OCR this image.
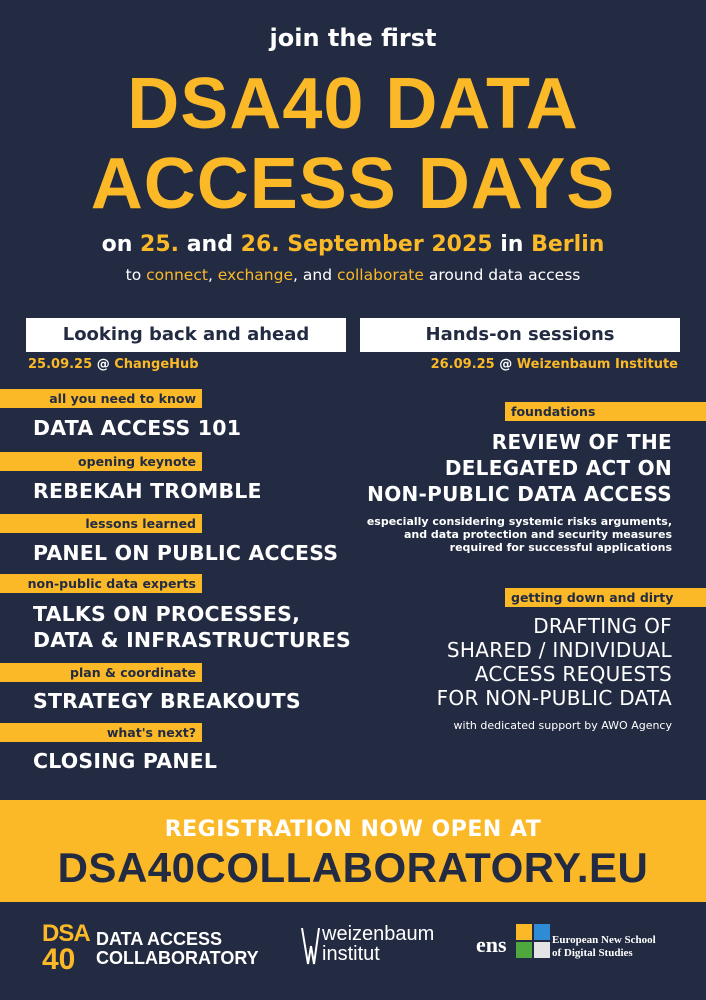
join the first
DSA40 DATA
ACCESS DAYS
on 25. and 26. September 2025 in Berlin
to connect, exchange, and collaborate around data access
Looking back and ahead	Hands-on sessions
25.09.25 @ ChangeHub	26.09.25 @ Weizenbaum Institute
all you need to know
DATA ACCESS 101
opening keynote
REBEKAH TROMBLE
lessons learned
PANEL ON PUBLIC ACCESS
non-public data experts
TALKS ON PROCESSES,
DATA & INFRASTRUCTURES
plan & coordinate
STRATEGY BREAKOUTS
what's next?
CLOSING PANEL
foundations
REVIEW OF THE
DELEGATED ACT ON
NON-PUBLIC DATA ACCESS
especially considering systemic risks arguments,
and data protection and security measures
required for successful applications
getting down and dirty
DRAFTING OF
SHARED / INDIVIDUAL
ACCESS REQUESTS
FOR NON-PUBLIC DATA
with dedicated support by AWO Agency
REGISTRATION NOW OPEN AT
DSA40COLLABORATORY.EU
DSA
40
DATA ACCESS
COLLABORATORY
weizenbaum
institut	ens	European New School
of Digital Studies
